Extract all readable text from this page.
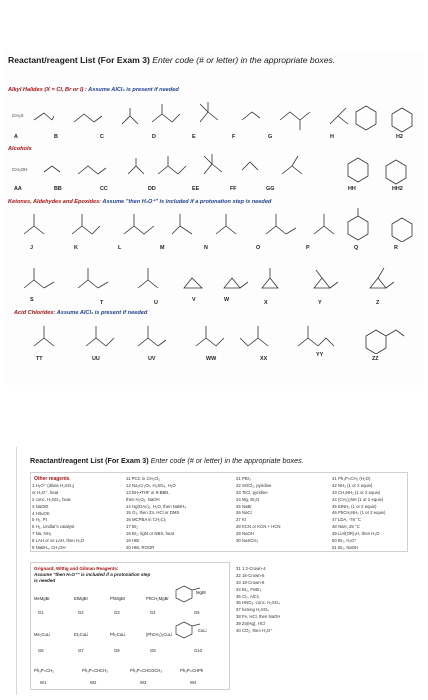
Reactant/reagent List (For Exam 3) Enter code (# or letter) in the appropriate boxes.
Alkyl Halides (X = Cl, Br or I) : Assume AlCl₃ is present if needed
CH₃X
A	B	C	D	E	F	G	H	H2
Alcohols
CH₃OH
AA	BB	CC	DD	EE	FF	GG	HH	HH2
Ketones, Aldehydes and Epoxides: Assume "then H₃O⁺" is included if a protonation step is needed
J	K	L	M	N	O	P	Q	R
S	T	U	V	W	X	Y	Z
Acid Chlorides: Assume AlCl₃ is present if needed
TT	UU	UV	WW	XX
YY
ZZ
Reactant/reagent List (For Exam 3) Enter code (# or letter) in the appropriate boxes.
Other reagents
1 H₃O⁺ (dilute H₂SO₄)
or H₃O⁺, heat
2 conc. H₂SO₄, heat
3 NaOEt
4 t-BuOK
5 H₂, Pt
6 H₂, Lindlar's catalyst
7 Na, NH₃
8 LAH or xs LAH, then H₃O
9 NaBH₄, CH₃OH
11 PCC in CH₂Cl₂
12 Na₂Cr₂O₇, H₂SO₄, H₂O
13 BH₃•THF or 9-BBN,
then H₂O₂, NaOH
14 Hg(OAc)₂, H₂O, then NaBH₄
15 O₃, then Zn, HCl or DMS
16 MCPBA in CH₂Cl₂
17 Br₂
18 Br₂, light or NBS, heat
19 HBr
20 HBr, ROOR
21 PBr₃
22 SOCl₂, pyridine
23 TsCl, pyridine
24 Mg, Et₂O
25 NaBr
26 NaCl
27 KI
28 KCN or KCN + HCN
29 NaOH
30 NaSCH₃
41 Ph₃P=CH₂ (H₂O)
42 NH₃ (1 or 2 equiv)
43 CH₃NH₂ (1 or 2 equiv)
44 (CH₃)₂NH (1 or 2 equiv)
45 EtNH₂ (1 or 2 equiv)
46 PhCH₂NH₂ (1 or 2 equiv)
47 LDA, -78 °C
48 NaH, 25 °C
49 LiAl(OR)₃H, then H₃O
50 Br₂, H₃O⁺
51 Br₂, NaOH
Grignard, Wittig and Gilman Reagents:
Assume "then H₃O⁺" is included if a protonation step is needed
MeMgBr	EtMgBr	PhMgBr	PhCH₂MgBr
MgBr
G1	G2	G3	G4	G5
Me₂CuLi	Et₂CuLi	Ph₂CuLi	(PhCH₂)₂CuLi
CuLi
G6	G7	G8	G9	G10
Ph₃P=CH₂	Ph₃P=CHCH₃	Ph₃P=CHCOCH₃	Ph₃P=CHPh
W1	W2	W3	W4
31 1 2-Crown-4
32 15-Crown-5
33 18-Crown-6
34 Br₂, FeBr₃
35 Cl₂, AlCl₃
36 HNO₃, conc. H₂SO₄
37 fuming H₂SO₄
38 Fe, HCl, then NaOH
39 Zn(Hg), HCl
40 CO₂, then H₃O⁺
